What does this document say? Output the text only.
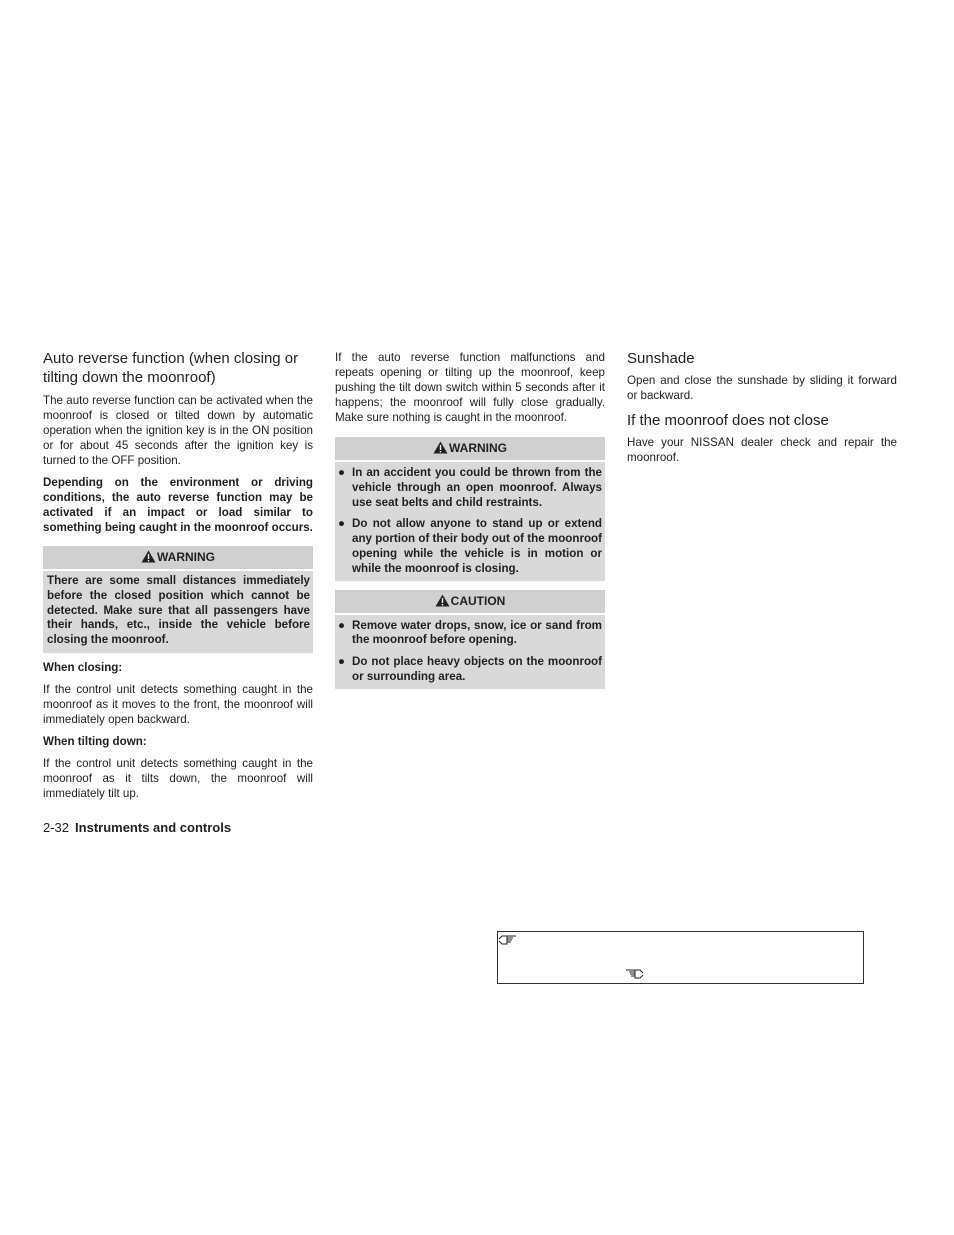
Auto reverse function (when closing or tilting down the moonroof)

The auto reverse function can be activated when the moonroof is closed or tilted down by automatic operation when the ignition key is in the ON position or for about 45 seconds after the ignition key is turned to the OFF position.

Depending on the environment or driving conditions, the auto reverse function may be activated if an impact or load similar to something being caught in the moonroof occurs.

WARNING
There are some small distances immediately before the closed position which cannot be detected. Make sure that all passengers have their hands, etc., inside the vehicle before closing the moonroof.
When closing:

If the control unit detects something caught in the moonroof as it moves to the front, the moonroof will immediately open backward.

When tilting down:

If the control unit detects something caught in the moonroof as it tilts down, the moonroof will immediately tilt up.

If the auto reverse function malfunctions and repeats opening or tilting up the moonroof, keep pushing the tilt down switch within 5 seconds after it happens; the moonroof will fully close gradually. Make sure nothing is caught in the moonroof.

WARNING
● In an accident you could be thrown from the vehicle through an open moonroof. Always use seat belts and child restraints.
● Do not allow anyone to stand up or extend any portion of their body out of the moonroof opening while the vehicle is in motion or while the moonroof is closing.
CAUTION
● Remove water drops, snow, ice or sand from the moonroof before opening.
● Do not place heavy objects on the moonroof or surrounding area.
Sunshade

Open and close the sunshade by sliding it forward or backward.

If the moonroof does not close

Have your NISSAN dealer check and repair the moonroof.

2-32 Instruments and controls
